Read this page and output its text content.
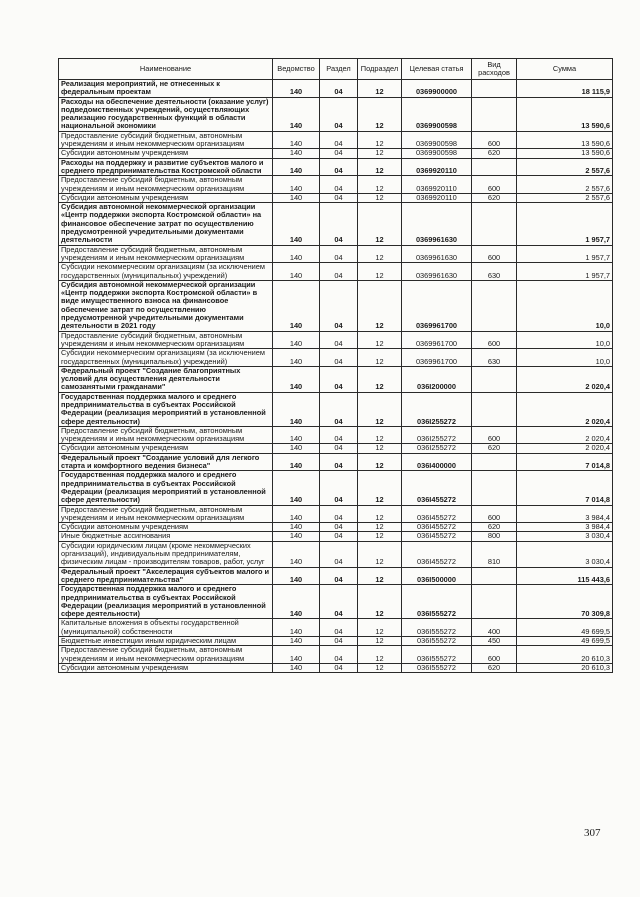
Наименование	Ведомство	Раздел	Подраздел	Целевая статья	Вид расходов	Сумма
Реализация мероприятий, не отнесенных к федеральным проектам	140	04	12	0369900000		18 115,9
Расходы на обеспечение деятельности (оказание услуг) подведомственных учреждений, осуществляющих реализацию государственных функций в области национальной экономики	140	04	12	0369900598		13 590,6
Предоставление субсидий бюджетным, автономным учреждениям и иным некоммерческим организациям	140	04	12	0369900598	600	13 590,6
Субсидии автономным учреждениям	140	04	12	0369900598	620	13 590,6
Расходы на поддержку и развитие субъектов малого и среднего предпринимательства Костромской области	140	04	12	0369920110		2 557,6
Предоставление субсидий бюджетным, автономным учреждениям и иным некоммерческим организациям	140	04	12	0369920110	600	2 557,6
Субсидии автономным учреждениям	140	04	12	0369920110	620	2 557,6
Субсидия автономной некоммерческой организации «Центр поддержки экспорта Костромской области» на финансовое обеспечение затрат по осуществлению предусмотренной учредительными документами деятельности	140	04	12	0369961630		1 957,7
Предоставление субсидий бюджетным, автономным учреждениям и иным некоммерческим организациям	140	04	12	0369961630	600	1 957,7
Субсидии некоммерческим организациям (за исключением государственных (муниципальных) учреждений)	140	04	12	0369961630	630	1 957,7
Субсидия автономной некоммерческой организации «Центр поддержки экспорта Костромской области» в виде имущественного взноса на финансовое обеспечение затрат по осуществлению предусмотренной учредительными документами деятельности в 2021 году	140	04	12	0369961700		10,0
Предоставление субсидий бюджетным, автономным учреждениям и иным некоммерческим организациям	140	04	12	0369961700	600	10,0
Субсидии некоммерческим организациям (за исключением государственных (муниципальных) учреждений)	140	04	12	0369961700	630	10,0
Федеральный проект "Создание благоприятных условий для осуществления деятельности самозанятыми гражданами"	140	04	12	036I200000		2 020,4
Государственная поддержка малого и среднего предпринимательства в субъектах Российской Федерации (реализация мероприятий в установленной сфере деятельности)	140	04	12	036I255272		2 020,4
Предоставление субсидий бюджетным, автономным учреждениям и иным некоммерческим организациям	140	04	12	036I255272	600	2 020,4
Субсидии автономным учреждениям	140	04	12	036I255272	620	2 020,4
Федеральный проект "Создание условий для легкого старта и комфортного ведения бизнеса"	140	04	12	036I400000		7 014,8
Государственная поддержка малого и среднего предпринимательства в субъектах Российской Федерации (реализация мероприятий в установленной сфере деятельности)	140	04	12	036I455272		7 014,8
Предоставление субсидий бюджетным, автономным учреждениям и иным некоммерческим организациям	140	04	12	036I455272	600	3 984,4
Субсидии автономным учреждениям	140	04	12	036I455272	620	3 984,4
Иные бюджетные ассигнования	140	04	12	036I455272	800	3 030,4
Субсидии юридическим лицам (кроме некоммерческих организаций), индивидуальным предпринимателям, физическим лицам - производителям товаров, работ, услуг	140	04	12	036I455272	810	3 030,4
Федеральный проект "Акселерация субъектов малого и среднего предпринимательства"	140	04	12	036I500000		115 443,6
Государственная поддержка малого и среднего предпринимательства в субъектах Российской Федерации (реализация мероприятий в установленной сфере деятельности)	140	04	12	036I555272		70 309,8
Капитальные вложения в объекты государственной (муниципальной) собственности	140	04	12	036I555272	400	49 699,5
Бюджетные инвестиции иным юридическим лицам	140	04	12	036I555272	450	49 699,5
Предоставление субсидий бюджетным, автономным учреждениям и иным некоммерческим организациям	140	04	12	036I555272	600	20 610,3
Субсидии автономным учреждениям	140	04	12	036I555272	620	20 610,3
307
